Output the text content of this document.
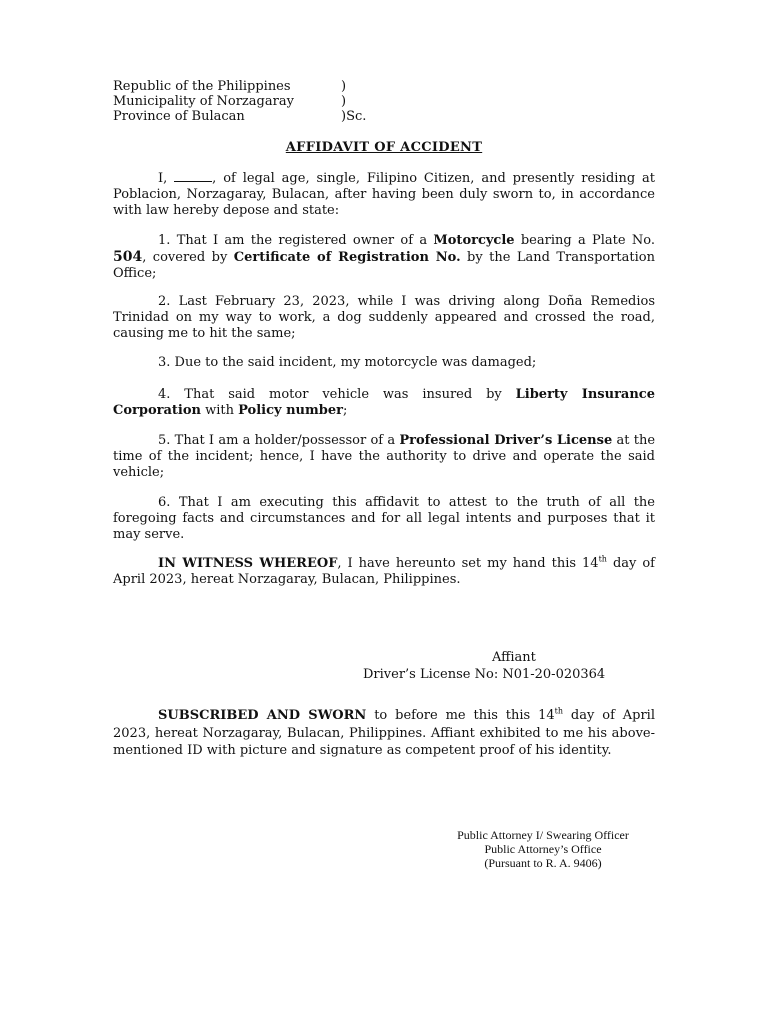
Republic of the Philippines	)
Municipality of Norzagaray	)
Province of Bulacan	)Sc.
AFFIDAVIT OF ACCIDENT

I,	, of legal age, single, Filipino Citizen, and presently residing at Poblacion, Norzagaray, Bulacan, after having been duly sworn to, in accordance with law hereby depose and state:

1. That I am the registered owner of a Motorcycle bearing a Plate No. 504, covered by Certificate of Registration No. by the Land Transportation Office;

2. Last February 23, 2023, while I was driving along Doña Remedios Trinidad on my way to work, a dog suddenly appeared and crossed the road, causing me to hit the same;

3. Due to the said incident, my motorcycle was damaged;

4. That said motor vehicle was insured by Liberty Insurance Corporation with Policy number;

5. That I am a holder/possessor of a Professional Driver’s License at the time of the incident; hence, I have the authority to drive and operate the said vehicle;

6. That I am executing this affidavit to attest to the truth of all the foregoing facts and circumstances and for all legal intents and purposes that it may serve.

IN WITNESS WHEREOF, I have hereunto set my hand this 14th day of April 2023, hereat Norzagaray, Bulacan, Philippines.

Affiant
Driver’s License No: N01-20-020364

SUBSCRIBED AND SWORN to before me this this 14th day of April 2023, hereat Norzagaray, Bulacan, Philippines. Affiant exhibited to me his above-mentioned ID with picture and signature as competent proof of his identity.

Public Attorney I/ Swearing Officer
Public Attorney’s Office
(Pursuant to R. A. 9406)
